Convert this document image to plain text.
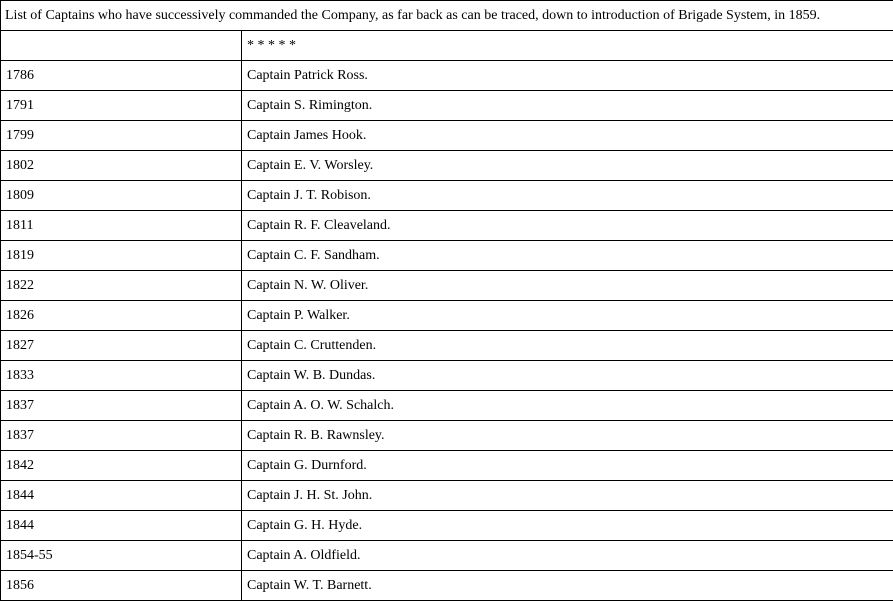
List of Captains who have successively commanded the Company, as far back as can be traced, down to introduction of Brigade System, in 1859.	
	* * * * *
1786	Captain Patrick Ross.
1791	Captain S. Rimington.
1799	Captain James Hook.
1802	Captain E. V. Worsley.
1809	Captain J. T. Robison.
1811	Captain R. F. Cleaveland.
1819	Captain C. F. Sandham.
1822	Captain N. W. Oliver.
1826	Captain P. Walker.
1827	Captain C. Cruttenden.
1833	Captain W. B. Dundas.
1837	Captain A. O. W. Schalch.
1837	Captain R. B. Rawnsley.
1842	Captain G. Durnford.
1844	Captain J. H. St. John.
1844	Captain G. H. Hyde.
1854-55	Captain A. Oldfield.
1856	Captain W. T. Barnett.
